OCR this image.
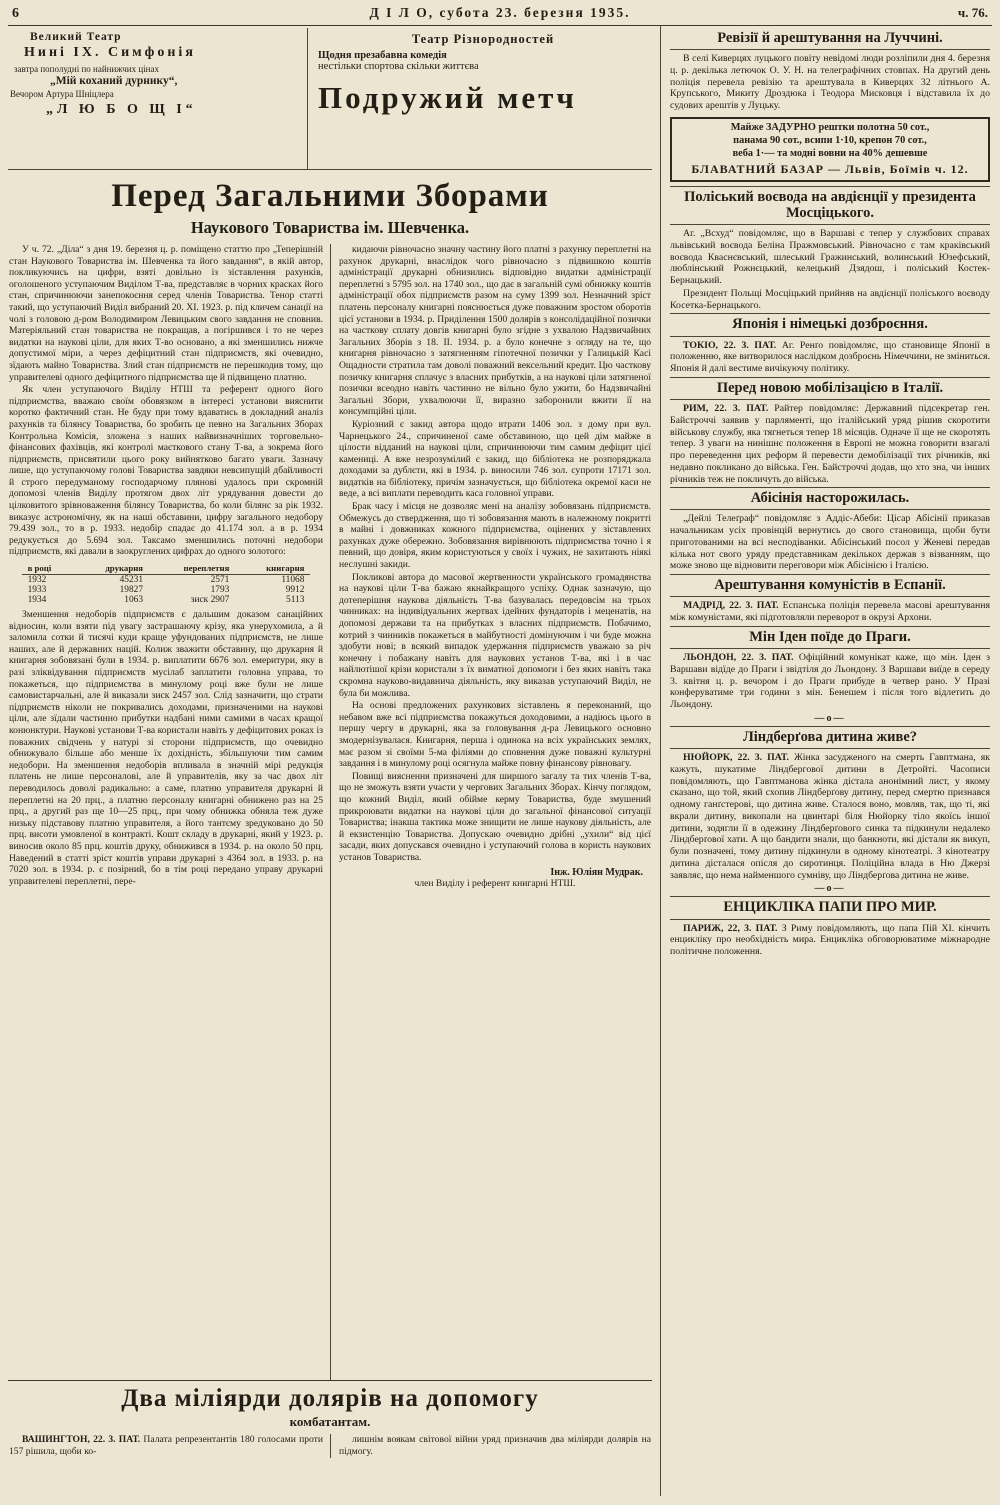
6	Д І Л О, субота 23. березня 1935.	ч. 76.
Великий Театр
Нині IX. Симфонія
завтра пополудні по найнижчих цінах
„Мій коханий дурнику“,
Вечором Артура Шніцлера
„Л Ю Б О Щ І“
Театр Різнородностей
Щодня презабавна комедія
нестільки спортова скільки життєва
Подружий метч
Перед Загальними Зборами
Наукового Товариства ім. Шевченка.

У ч. 72. „Діла“ з дня 19. березня ц. р. поміщено статтю про „Теперішній стан Наукового Товариства ім. Шевченка та його завдання“, в якій автор, покликуючись на цифри, взяті довільно із зіставлення рахунків, оголошеного уступаючим Виділом Т-ва, представляє в чорних красках його стан, спричинюючи занепокоєння серед членів Товариства. Тенор статті такий, що уступаючий Виділ вибраний 20. XI. 1923. р. під кличем санації на чолі з головою д-ром Володимиром Левицьким свого завдання не сповнив. Матеріяльний стан товариства не покращав, а погіршився і то не через видатки на наукові ціли, для яких Т-во основано, а які зменшились нижче допустимої міри, а через дефіцитний стан підприємств, які очевидно, зїдають майно Товариства. Злий стан підприємств не перешкодив тому, що управителеві одного дефіцитного підприємства ще й підвищено платню.

Як член уступаючого Виділу НТШ та референт одного його підприємства, вважаю своїм обовязком в інтересі установи вияснити коротко фактичний стан. Не буду при тому вдаватись в докладний аналіз рахунків та білянсу Товариства, бо зробить це певно на Загальних Зборах Контрольна Комісія, зложена з наших найвизначніших торговельно-фінансових фахівців, які контролі маєткового стану Т-ва, а зокрема його підприємств, присвятили цього року вийнятково багато уваги. Зазначу лише, що уступаючому голові Товариства завдяки невсипущій дбайливості й строго передуманому господарчому плянові удалось при скромній допомозі членів Виділу протягом двох літ урядування довести до цілковитого зрівноваження білянсу Товариства, бо коли білянс за рік 1932. виказує астрономічну, як на наші обставини, цифру загального недобору 79.439 зол., то в р. 1933. недобір спадає до 41.174 зол. а в р. 1934 редукується до 5.694 зол. Таксамо зменшились поточні недобори підприємств, які давали в заокруглених цифрах до одного золотого:

в році	друкарня	переплетня	книгарня
1932	45231	2571	11068
1933	19827	1793	9912
1934	1063	зиск 2907	5113

Зменшення недоборів підприємств є дальшим доказом санаційних відносин, коли взяти під увагу застрашаючу крізу, яка унерухомила, а й заломила сотки й тисячі куди краще уфундованих підприємств, не лише наших, але й державних націй. Колиж зважити обставину, що друкарня й книгарня зобовязані були в 1934. р. виплатити 6676 зол. емеритури, яку в разі зліквідування підприємств мусілаб заплатити головна управа, то покажеться, що підприємства в минулому році вже були не лише самовистарчальні, але й виказали зиск 2457 зол. Слід зазначити, що страти підприємств ніколи не покривались доходами, призначеними на наукові ціли, але зїдали частинно прибутки надбані ними самими в часах кращої конюнктури. Наукові установи Т-ва користали навіть у дефіцитових роках із поважних свідчень у натурі зі сторони підприємств, що очевидно обнижувало більше або менше їх дохідність, збільшуючи тим самим недобори. На зменшення недоборів впливала в значній мірі редукція платень не лише персоналові, але й управителів, яку за час двох літ переводилось доволі радикально: а саме, платню управителя друкарні й переплетні на 20 прц., а платню персоналу книгарні обнижено раз на 25 прц., а другий раз ще 10—25 прц., при чому обнижка обняла теж дуже низьку підставову платню управителя, а його тантєму зредуковано до 50 прц. висоти умовленої в контракті. Кошт складу в друкарні, який у 1923. р. виносив около 85 прц. коштів друку, обнижився в 1934. р. на около 50 прц. Наведений в статті зріст коштів управи друкарні з 4364 зол. в 1933. р. на 7020 зол. в 1934. р. є позірний, бо в тім році передано управу друкарні управителеві переплетні, пере-

кидаючи рівночасно значну частину його платні з рахунку переплетні на рахунок друкарні, внаслідок чого рівночасно з підвишкою коштів адміністрації друкарні обнизились відповідно видатки адміністрації переплетні з 5795 зол. на 1740 зол., що дає в загальній сумі обнижку коштів адміністрації обох підприємств разом на суму 1399 зол. Незначний зріст платень персоналу книгарні пояснюється дуже поважним зростом оборотів цієї установи в 1934. р. Приділення 1500 долярів з консолідаційної позички на часткову сплату довгів книгарні було згідне з ухвалою Надзвичайних Загальних Зборів з 18. II. 1934. р. а було конечне з огляду на те, що книгарня рівночасно з затягненням гіпотечної позички у Галицькій Касі Ощадности стратила там доволі поважний вексельний кредит. Цю часткову позичку книгарня сплачує з власних прибутків, а на наукові ціли затягненої позички всеодно навіть частинно не вільно було ужити, бо Надзвичайні Загальні Збори, ухвалюючи її, виразно заборонили вжити її на консумпційні ціли.

Куріозний є закид автора щодо втрати 1406 зол. з дому при вул. Чарнецького 24., спричиненої саме обставиною, що цей дім майже в цілости відданий на наукові ціли, спричинюючи тим самим дефіцит цієї камениці. А вже незрозумілий є закид, що бібліотека не розпоряджала доходами за дублєти, які в 1934. р. виносили 746 зол. супроти 17171 зол. видатків на бібліотеку, причім зазначується, що бібліотека окремої каси не веде, а всі виплати переводить каса головної управи.

Брак часу і місця не дозволяє мені на аналізу зобовязань підприємств. Обмежусь до ствердження, що ті зобовязання мають в належному покритті в майні і довжниках кожного підприємства, оцінених у зіставлених рахунках дуже обережно. Зобовязання вирівнюють підприємства точно і я певний, що довіря, яким користуються у своїх і чужих, не захитають ніякі неслушні закиди.

Покликові автора до масової жертвенности українського громадянства на наукові ціли Т-ва бажаю якнайкращого успіху. Однак зазначую, що дотеперішня наукова діяльність Т-ва базувалась передовсім на трьох чинниках: на індивідуальних жертвах ідейних фундаторів і меценатів, на допомозі держави та на прибутках з власних підприємств. Побачимо, котрий з чинників покажеться в майбутності домінуючим і чи буде можна здобути нові; в всякий випадок удержання підприємств уважаю за річ конечну і побажану навіть для наукових установ Т-ва, які і в час найлютішої крізи користали з їх виматної допомоги і без яких навіть така скромна науково-видавнича діяльність, яку виказав уступаючий Виділ, не була би можлива.

На основі предложених рахункових зіставлень я переконаний, що небавом вже всі підприємства покажуться доходовими, а надіюсь цього в першу чергу в друкарні, яка за головування д-ра Левицького основно змодернізувалася. Книгарня, перша і одинока на всіх українських землях, має разом зі своїми 5-ма філіями до сповнення дуже поважні культурні завдання і в минулому році осягнула майже повну фінансову рівновагу.

Повищі вияснення призначені для ширшого загалу та тих членів Т-ва, що не зможуть взяти участи у чергових Загальних Зборах. Кінчу поглядом, що кожний Виділ, який обійме керму Товариства, буде змушений прикроювати видатки на наукові ціли до загальної фінансової ситуації Товариства; інакша тактика може знищити не лише наукову діяльність, але й екзистенцію Товариства. Допускаю очевидно дрібні „ухили“ від цієї засади, яких допускався очевидно і уступаючий голова в користь наукових установ Товариства.

Інж. Юліян Мудрак.
член Виділу і референт книгарні НТШ.
Два міліярди долярів на допомогу
комбатантам.

ВАШИНГТОН, 22. 3. ПАТ. Палата репрезентантів 180 голосами проти 157 рішила, щоби ко-

лишнім воякам світової війни уряд призначив два міліярди долярів на підмогу.

Ревізії й арештування на Луччині.

В селі Киверцях луцького повіту невідомі люди розліпили дня 4. березня ц. р. декілька летючок О. У. Н. на телеграфічних стовпах. На другий день поліція перевела ревізію та арештувала в Киверцях 32 літнього А. Крупського, Микиту Дроздюка і Теодора Мисковця і відставила їх до судових арештів у Луцьку.

Майже ЗАДУРНО рештки полотна 50 сот.,
панама 90 сот., всипи 1·10, крепон 70 сот.,
веба 1·— та модні вовни на 40% дешевше
БЛАВАТНИЙ БАЗАР — Львів, Боїмів ч. 12.
Поліський воєвода на авдієнції у президента Мосціцького.

Аг. „Всхуд“ повідомляє, що в Варшаві є тепер у службових справах львівський воєвода Беліна Пражмовський. Рівночасно є там краківський воєвода Кваснєвський, шлеський Гражинський, волинський Юзефський, люблінський Рожнєцький, келецький Дзядош, і поліський Костек-Бернацький.

Президент Польщі Мосціцький прийняв на авдієнції поліського воєводу Косетка-Бернацького.

Японія і німецькі дозброєння.

ТОКІО, 22. 3. ПАТ. Аг. Ренґо повідомляє, що становище Японії в положенню, яке витворилося наслідком дозброєнь Німеччини, не зміниться. Японія й далі вестиме вичікуючу політику.

Перед новою мобілізацією в Італії.

РИМ, 22. 3. ПАТ. Райтер повідомляє: Державний підсекретар ген. Байстроччі заявив у парляменті, що італійський уряд рішив скоротити військову службу, яка тягнеться тепер 18 місяців. Одначе її ще не скоротять тепер. З уваги на нинішнє положення в Европі не можна говорити взагалі про переведення цих реформ й перевести демобілізації тих річників, які недавно покликано до війська. Ген. Байстроччі додав, що хто зна, чи інших річників теж не покличуть до війська.

Абісінія насторожилась.

„Дейлі Телеґраф“ повідомляє з Аддіс-Абеби: Цісар Абісінії приказав начальникам усіх провінцій вернутись до свого становища, щоби бути приготованими на всі несподіванки. Абісінський посол у Женеві передав кілька нот свого уряду представникам декількох держав з візванням, що може зново ще відновити переговори між Абісінією і Італією.

Арештування комуністів в Еспанії.

МАДРІД, 22. 3. ПАТ. Еспанська поліція перевела масові арештування між комуністами, які підготовляли переворот в окрузі Архони.

Мін Іден поїде до Праги.

ЛЬОНДОН, 22. 3. ПАТ. Офіційний комунікат каже, що мін. Іден з Варшави відїде до Праги і звідтіля до Льондону. З Варшави виїде в середу 3. квітня ц. р. вечором і до Праги прибуде в четвер рано. У Празі конферуватиме три години з мін. Бенешем і після того відлетить до Льондону.

—о—
Ліндберґова дитина живе?

НЮЙОРК, 22. 3. ПАТ. Жінка засудженого на смерть Гавптмана, як кажуть, шукатиме Ліндбергової дитини в Детройті. Часописи повідомляють, що Гавптманова жінка дістала анонімний лист, у якому сказано, що той, який схопив Ліндберґову дитину, перед смертю признався одному ганґстерові, що дитина живе. Сталося воно, мовляв, так, що ті, які вкрали дитину, викопали на цвинтарі біля Нюйорку тіло якоїсь іншої дитини, зодягли її в одежину Ліндберґового синка та підкинули недалеко Ліндберґової хати. А що бандити знали, що банкноти, які дістали як викуп, були позначені, тому дитину підкинули в одному кінотеатрі. З кінотеатру дитина дісталася опісля до сиротинця. Поліційна влада в Ню Джерзі заявляє, що нема найменшого сумніву, що Ліндберґова дитина не живе.

—о—
ЕНЦИКЛІКА ПАПИ ПРО МИР.

ПАРИЖ, 22, 3. ПАТ. З Риму повідомляють, що папа Пій XI. кінчить енцикліку про необхідність мира. Енцикліка обговорюватиме міжнародне політичне положення.
